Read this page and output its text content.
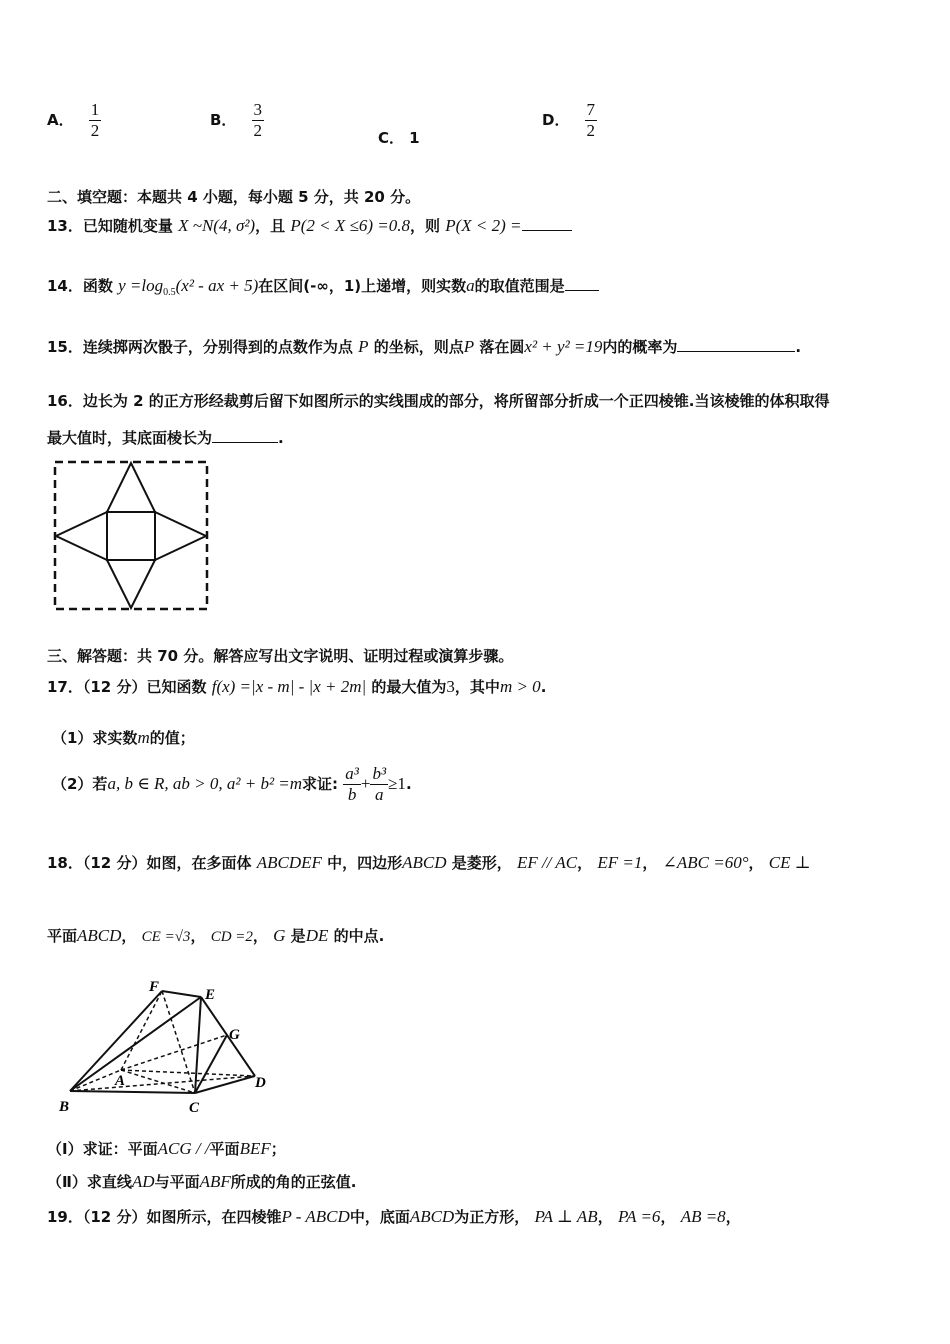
A． $\frac{1}{2}$	B． $\frac{3}{2}$	C． 1
D． $\frac{7}{2}$
二、填空题：本题共 4 小题，每小题 5 分，共 20 分。
13．已知随机变量 X ~N(4, σ²)，且 P(2 < X ≤6) =0.8，则 P(X < 2) =
14．函数 $y =\log_{0.5}(x^2$ - ax + 5)在区间(-∞，1)上递增，则实数a的取值范围是
15．连续掷两次骰子，分别得到的点数作为点 P 的坐标，则点P 落在圆x² + y² =19内的概率为	.
16．边长为 2 的正方形经裁剪后留下如图所示的实线围成的部分，将所留部分折成一个正四棱锥.当该棱锥的体积取得
最大值时，其底面棱长为	.
三、解答题：共 70 分。解答应写出文字说明、证明过程或演算步骤。
17．（12 分）已知函数 f(x) =|x - m| - |x + 2m| 的最大值为3，其中m > 0.
（1）求实数m的值；
（2）若a, b ∈ R, ab > 0, a² + b² =m求证: $\frac{\text{a³}}{b} + \frac{\text{b³}}{a} \ge 1$.
18．（12 分）如图，在多面体 ABCDEF 中，四边形ABCD 是菱形， EF // AC， EF =1， ∠ABC =60°， CE ⊥
平面ABCD， CE =√3， CD =2， G 是DE 的中点.
F	E
G
A	D
B	C
（Ⅰ）求证：平面ACG / /平面BEF；
（Ⅱ）求直线AD与平面ABF所成的角的正弦值.
19．（12 分）如图所示，在四棱锥P - ABCD中，底面ABCD为正方形， PA ⊥ AB， PA =6， AB =8，
